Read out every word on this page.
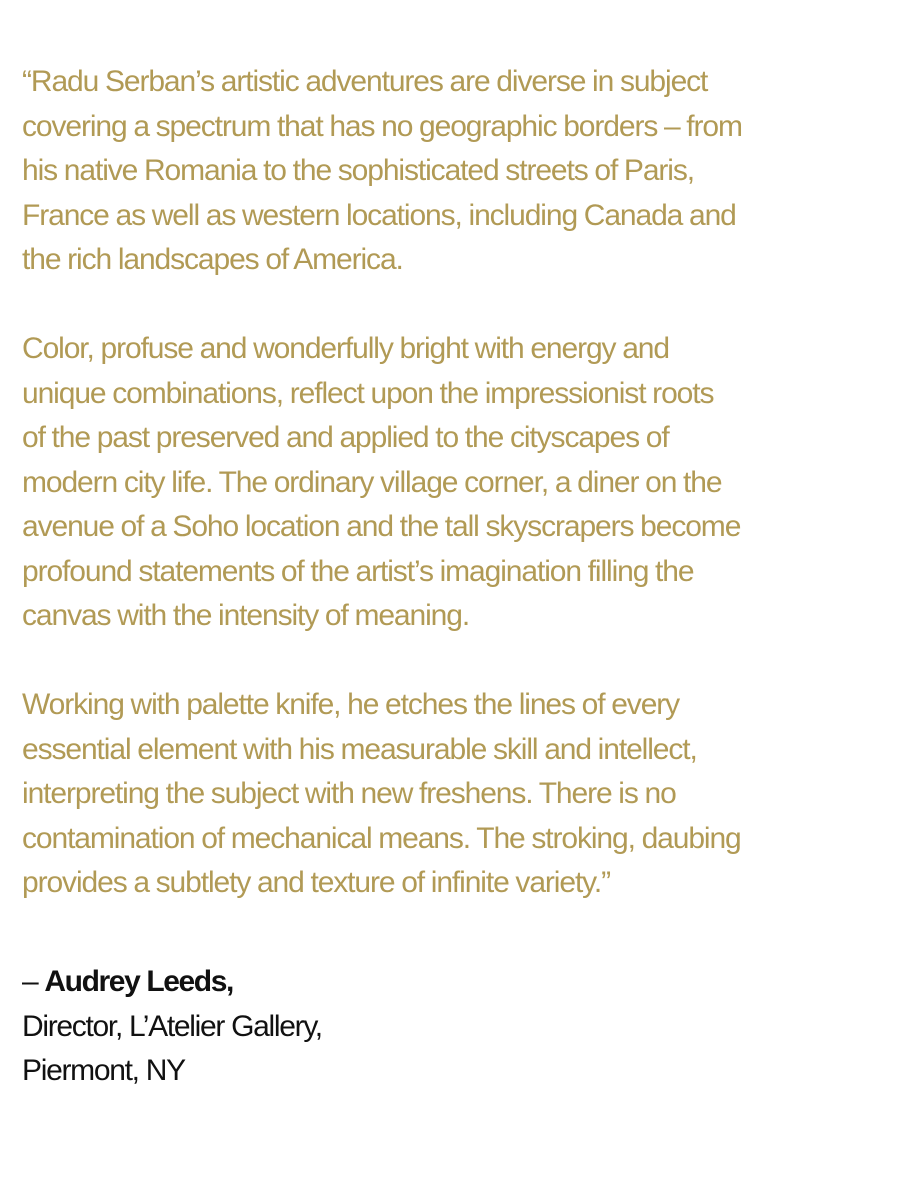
“Radu Serban’s artistic adventures are diverse in subject
covering a spectrum that has no geographic borders – from
his native Romania to the sophisticated streets of Paris,
France as well as western locations, including Canada and
the rich landscapes of America.

Color, profuse and wonderfully bright with energy and
unique combinations, reflect upon the impressionist roots
of the past preserved and applied to the cityscapes of
modern city life. The ordinary village corner, a diner on the
avenue of a Soho location and the tall skyscrapers become
profound statements of the artist’s imagination filling the
canvas with the intensity of meaning.

Working with palette knife, he etches the lines of every
essential element with his measurable skill and intellect,
interpreting the subject with new freshens. There is no
contamination of mechanical means. The stroking, daubing
provides a subtlety and texture of infinite variety.”

– Audrey Leeds,
Director, L’Atelier Gallery,
Piermont, NY
